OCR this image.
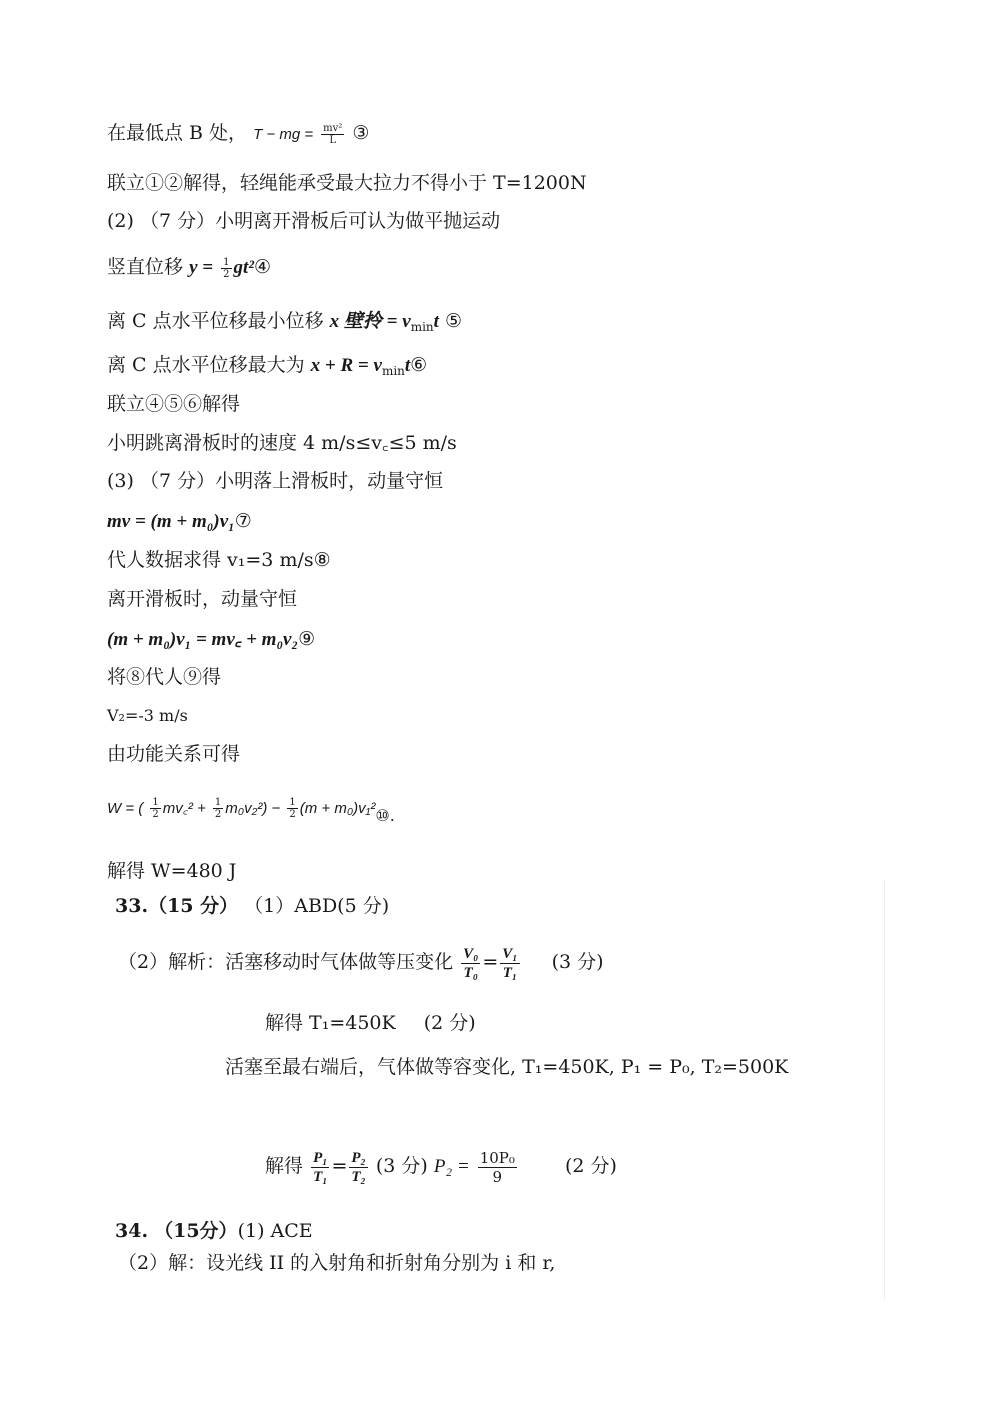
在最低点 B 处， T − mg = $\frac{\text{mv²}}{L}$ ③
联立①②解得，轻绳能承受最大拉力不得小于 T=1200N
(2) （7 分）小明离开滑板后可认为做平抛运动
竖直位移 $y = \frac{1}{2}$ gt²④
离 C 点水平位移最小位移 x 壁拎 = $v_{min}t$ ⑤
离 C 点水平位移最大为 $x + R = v_{min}t⑥$
联立④⑤⑥解得
小明跳离滑板时的速度 4 m/s≤v꜀≤5 m/s
(3) （7 分）小明落上滑板时，动量守恒
mv = (m + m₀)v₁⑦
代人数据求得 v₁=3 m/s⑧
离开滑板时，动量守恒
(m + m₀)v₁ = mv꜀ + m₀v₂⑨
将⑧代人⑨得
V₂=-3 m/s
由功能关系可得
W = ( $\frac{1}{2}$ mv꜀² + $\frac{1}{2} m_0v_2^2) - \frac{1}{2} (m$ + m₀)v₁²⑩.
解得 W=480 J
33.（15 分） （1）ABD(5 分)
（2）解析：活塞移动时气体做等压变化 $\frac{\text{V₀}}{\text{T₀}} = \frac{\text{V₁}}{\text{T₁}} (3$ 分)
解得 T₁=450K (2 分)
活塞至最右端后，气体做等容变化, T₁=450K, P₁ = P₀, T₂=500K
解得 $\frac{\text{P₁}}{\text{T₁}} = \frac{\text{P₂}}{\text{T₂}} (3$ 分) $P_2 = \frac{\text{10P₀}}{9}$	(2 分)
34. （15分）(1) ACE
（2）解：设光线 II 的入射角和折射角分别为 i 和 r,
